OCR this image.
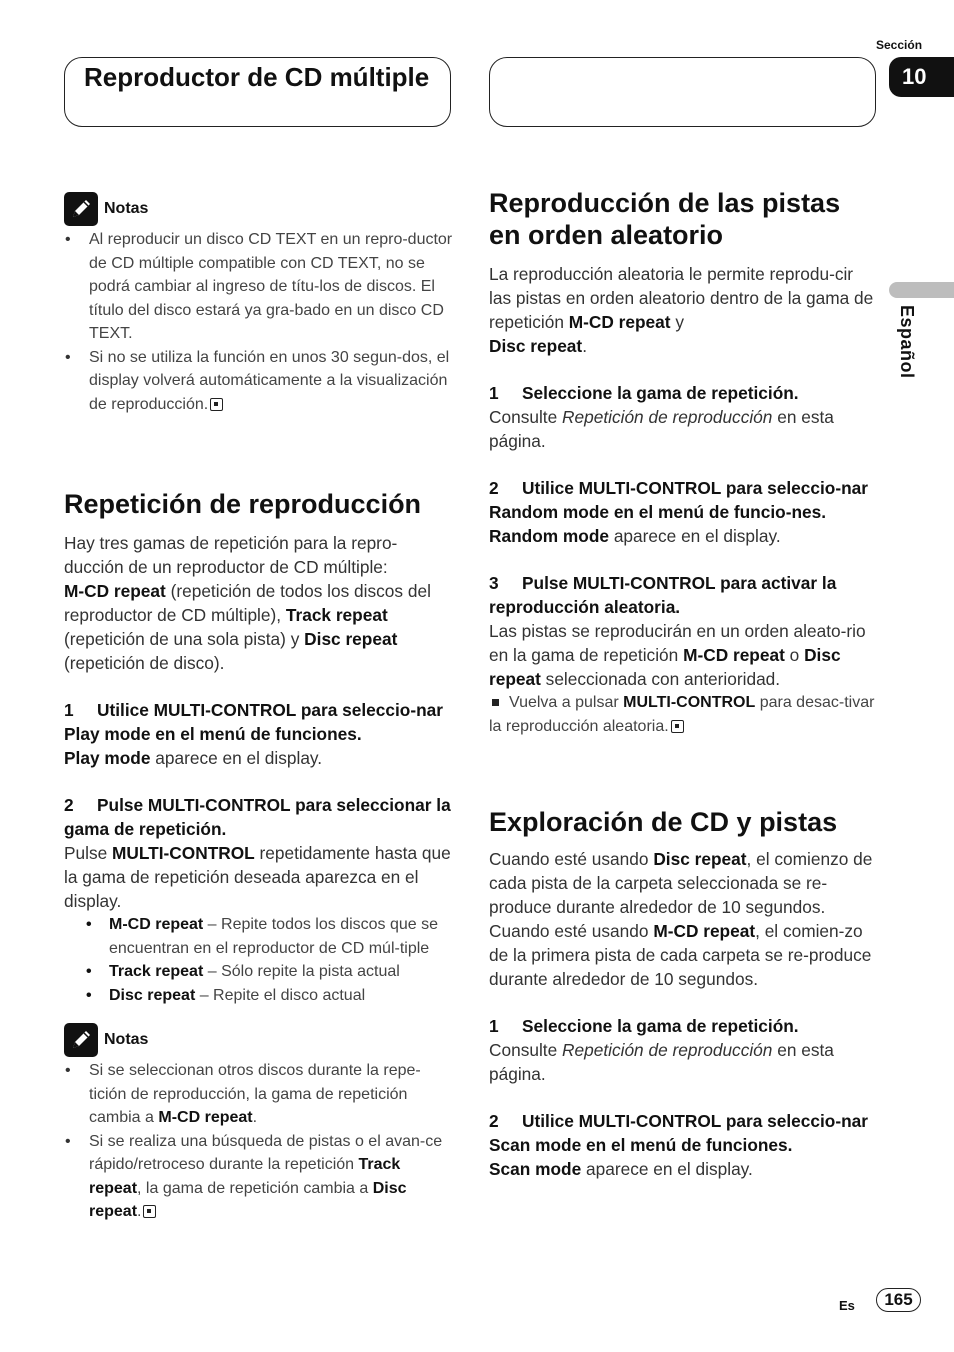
Reproductor de CD múltiple
Sección
10
Español
Notas
• Al reproducir un disco CD TEXT en un repro-ductor de CD múltiple compatible con CD TEXT, no se podrá cambiar al ingreso de títu-los de discos. El título del disco estará ya gra-bado en un disco CD TEXT.
• Si no se utiliza la función en unos 30 segun-dos, el display volverá automáticamente a la visualización de reproducción.
Repetición de reproducción

Hay tres gamas de repetición para la repro-ducción de un reproductor de CD múltiple:
M-CD repeat (repetición de todos los discos del reproductor de CD múltiple), Track repeat (repetición de una sola pista) y Disc repeat (repetición de disco).

1 Utilice MULTI-CONTROL para seleccio-nar Play mode en el menú de funciones.

Play mode aparece en el display.

2 Pulse MULTI-CONTROL para seleccionar la gama de repetición.

Pulse MULTI-CONTROL repetidamente hasta que la gama de repetición deseada aparezca en el display.

• M-CD repeat – Repite todos los discos que se encuentran en el reproductor de CD múl-tiple
• Track repeat – Sólo repite la pista actual
• Disc repeat – Repite el disco actual
Notas
• Si se seleccionan otros discos durante la repe-tición de reproducción, la gama de repetición cambia a M-CD repeat.
• Si se realiza una búsqueda de pistas o el avan-ce rápido/retroceso durante la repetición Track repeat, la gama de repetición cambia a Disc repeat.
Reproducción de las pistas en orden aleatorio

La reproducción aleatoria le permite reprodu-cir las pistas en orden aleatorio dentro de la gama de repetición M-CD repeat y
Disc repeat.

1 Seleccione la gama de repetición.

Consulte Repetición de reproducción en esta página.

2 Utilice MULTI-CONTROL para seleccio-nar Random mode en el menú de funcio-nes.

Random mode aparece en el display.

3 Pulse MULTI-CONTROL para activar la reproducción aleatoria.

Las pistas se reproducirán en un orden aleato-rio en la gama de repetición M-CD repeat o Disc repeat seleccionada con anterioridad.

Vuelva a pulsar MULTI-CONTROL para desac-tivar la reproducción aleatoria.

Exploración de CD y pistas

Cuando esté usando Disc repeat, el comienzo de cada pista de la carpeta seleccionada se re-produce durante alrededor de 10 segundos.

Cuando esté usando M-CD repeat, el comien-zo de la primera pista de cada carpeta se re-produce durante alrededor de 10 segundos.

1 Seleccione la gama de repetición.

Consulte Repetición de reproducción en esta página.

2 Utilice MULTI-CONTROL para seleccio-nar Scan mode en el menú de funciones.

Scan mode aparece en el display.

Es	165
